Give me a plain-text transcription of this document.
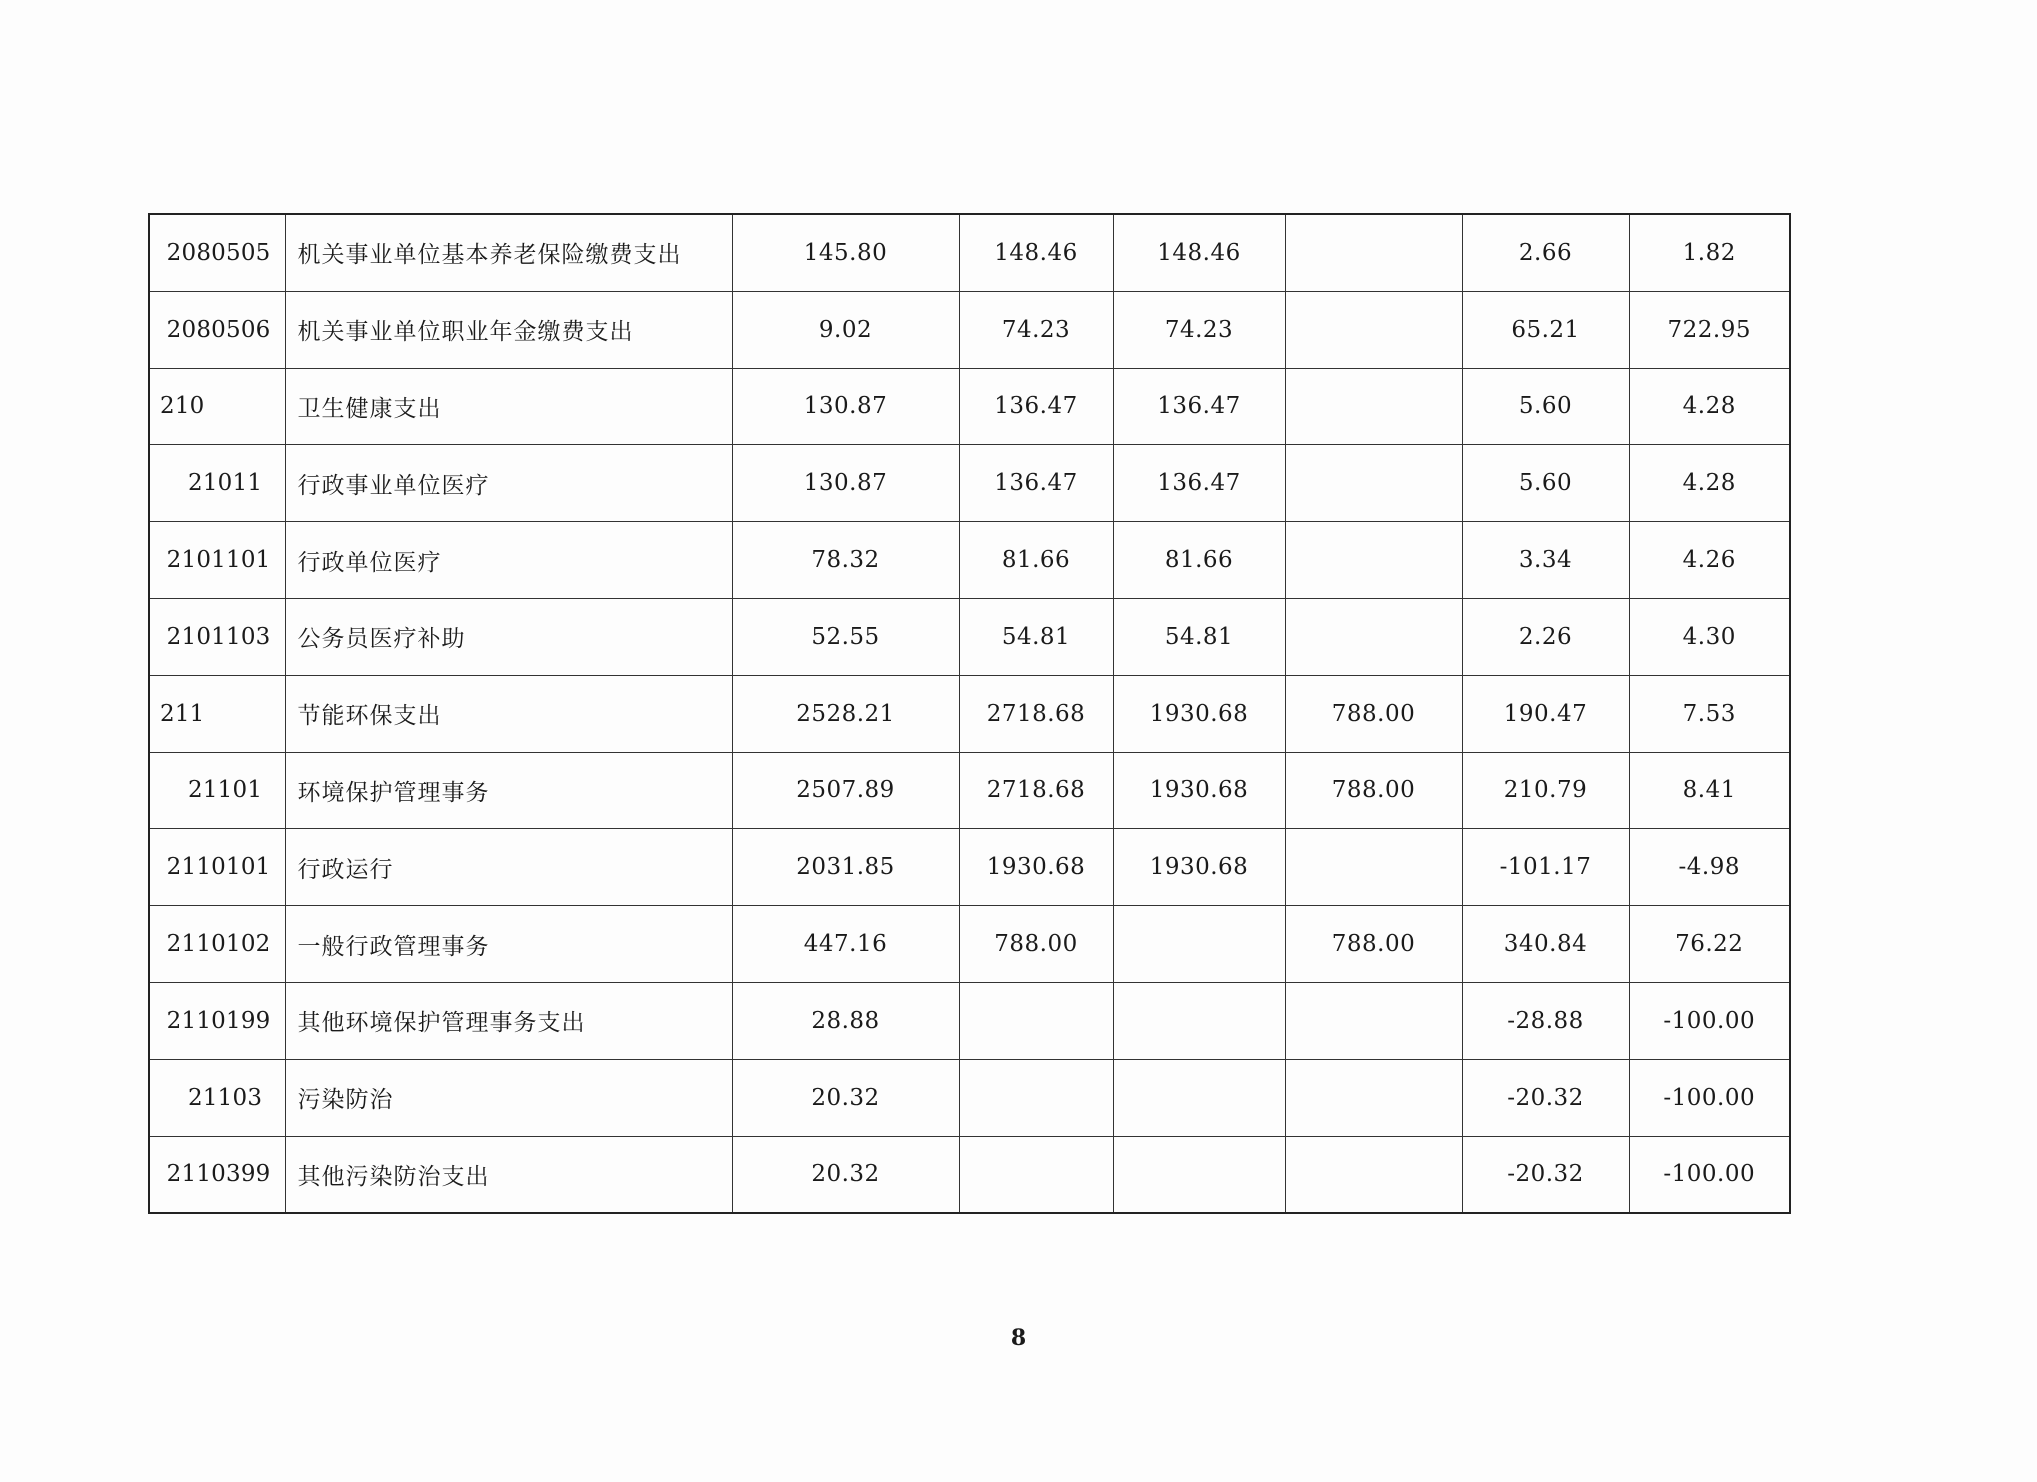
2080505	机关事业单位基本养老保险缴费支出	145.80	148.46	148.46		2.66	1.82
2080506	机关事业单位职业年金缴费支出	9.02	74.23	74.23		65.21	722.95
210	卫生健康支出	130.87	136.47	136.47		5.60	4.28
21011	行政事业单位医疗	130.87	136.47	136.47		5.60	4.28
2101101	行政单位医疗	78.32	81.66	81.66		3.34	4.26
2101103	公务员医疗补助	52.55	54.81	54.81		2.26	4.30
211	节能环保支出	2528.21	2718.68	1930.68	788.00	190.47	7.53
21101	环境保护管理事务	2507.89	2718.68	1930.68	788.00	210.79	8.41
2110101	行政运行	2031.85	1930.68	1930.68		-101.17	-4.98
2110102	一般行政管理事务	447.16	788.00		788.00	340.84	76.22
2110199	其他环境保护管理事务支出	28.88				-28.88	-100.00
21103	污染防治	20.32				-20.32	-100.00
2110399	其他污染防治支出	20.32				-20.32	-100.00
8
